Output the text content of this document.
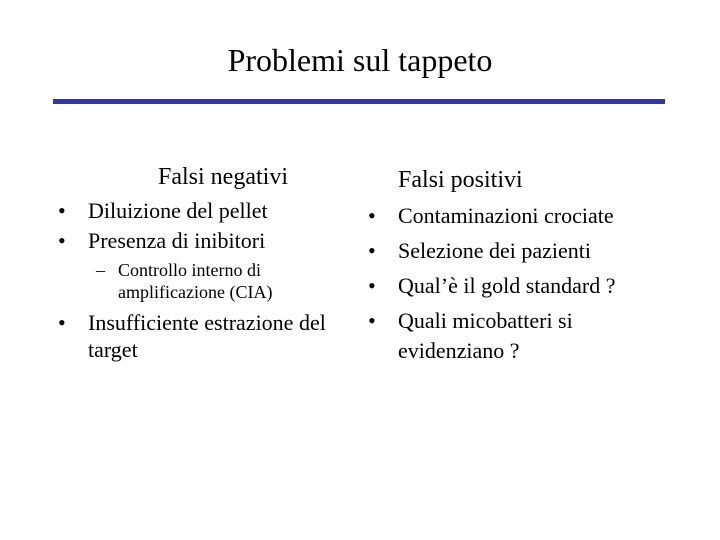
Problemi sul tappeto
Falsi negativi
• Diluizione del pellet
• Presenza di inibitori
– Controllo interno di
amplificazione (CIA)
• Insufficiente estrazione del
target
Falsi positivi
• Contaminazioni crociate
• Selezione dei pazienti
• Qual’è il gold standard ?
• Quali micobatteri si
evidenziano ?
